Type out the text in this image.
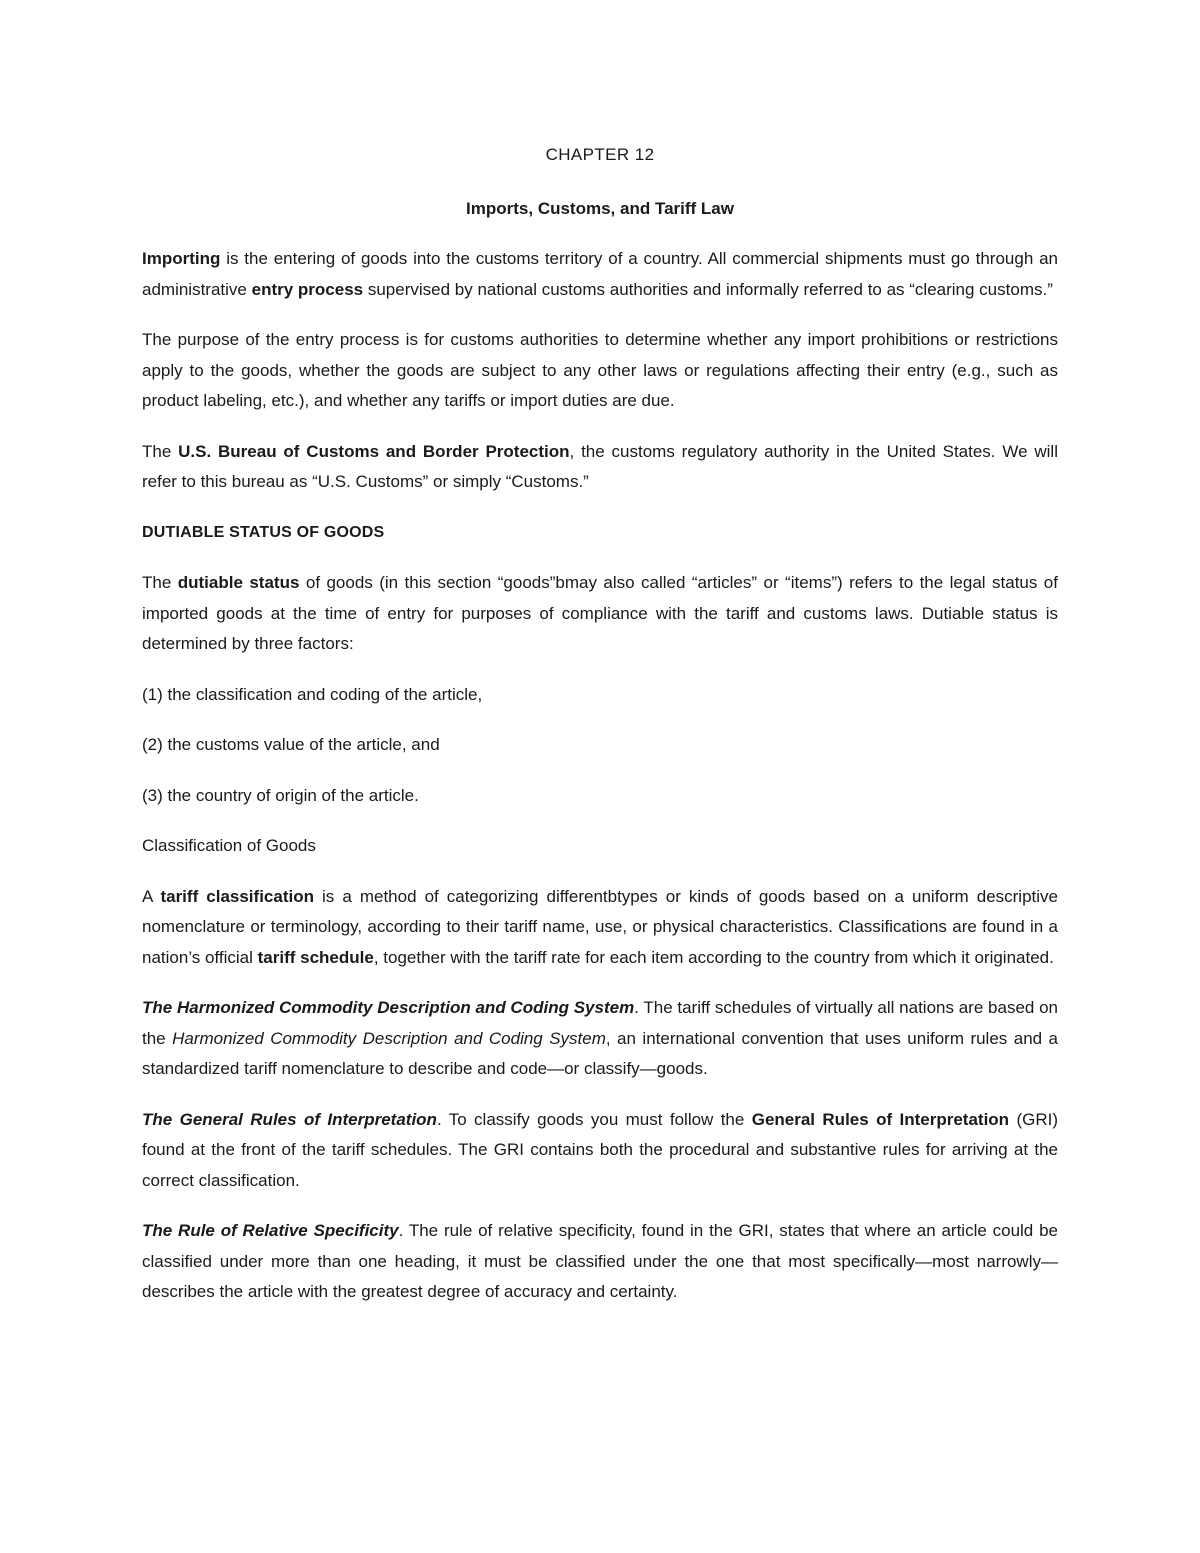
CHAPTER 12
Imports, Customs, and Tariff Law

Importing is the entering of goods into the customs territory of a country. All commercial shipments must go through an administrative entry process supervised by national customs authorities and informally referred to as “clearing customs.”

The purpose of the entry process is for customs authorities to determine whether any import prohibitions or restrictions apply to the goods, whether the goods are subject to any other laws or regulations affecting their entry (e.g., such as product labeling, etc.), and whether any tariffs or import duties are due.

The U.S. Bureau of Customs and Border Protection, the customs regulatory authority in the United States. We will refer to this bureau as “U.S. Customs” or simply “Customs.”

DUTIABLE STATUS OF GOODS

The dutiable status of goods (in this section “goods”bmay also called “articles” or “items”) refers to the legal status of imported goods at the time of entry for purposes of compliance with the tariff and customs laws. Dutiable status is determined by three factors:

(1) the classification and coding of the article,

(2) the customs value of the article, and

(3) the country of origin of the article.

Classification of Goods

A tariff classification is a method of categorizing differentbtypes or kinds of goods based on a uniform descriptive nomenclature or terminology, according to their tariff name, use, or physical characteristics. Classifications are found in a nation’s official tariff schedule, together with the tariff rate for each item according to the country from which it originated.

The Harmonized Commodity Description and Coding System. The tariff schedules of virtually all nations are based on the Harmonized Commodity Description and Coding System, an international convention that uses uniform rules and a standardized tariff nomenclature to describe and code—or classify—goods.

The General Rules of Interpretation. To classify goods you must follow the General Rules of Interpretation (GRI) found at the front of the tariff schedules. The GRI contains both the procedural and substantive rules for arriving at the correct classification.

The Rule of Relative Specificity. The rule of relative specificity, found in the GRI, states that where an article could be classified under more than one heading, it must be classified under the one that most specifically—most narrowly—describes the article with the greatest degree of accuracy and certainty.
